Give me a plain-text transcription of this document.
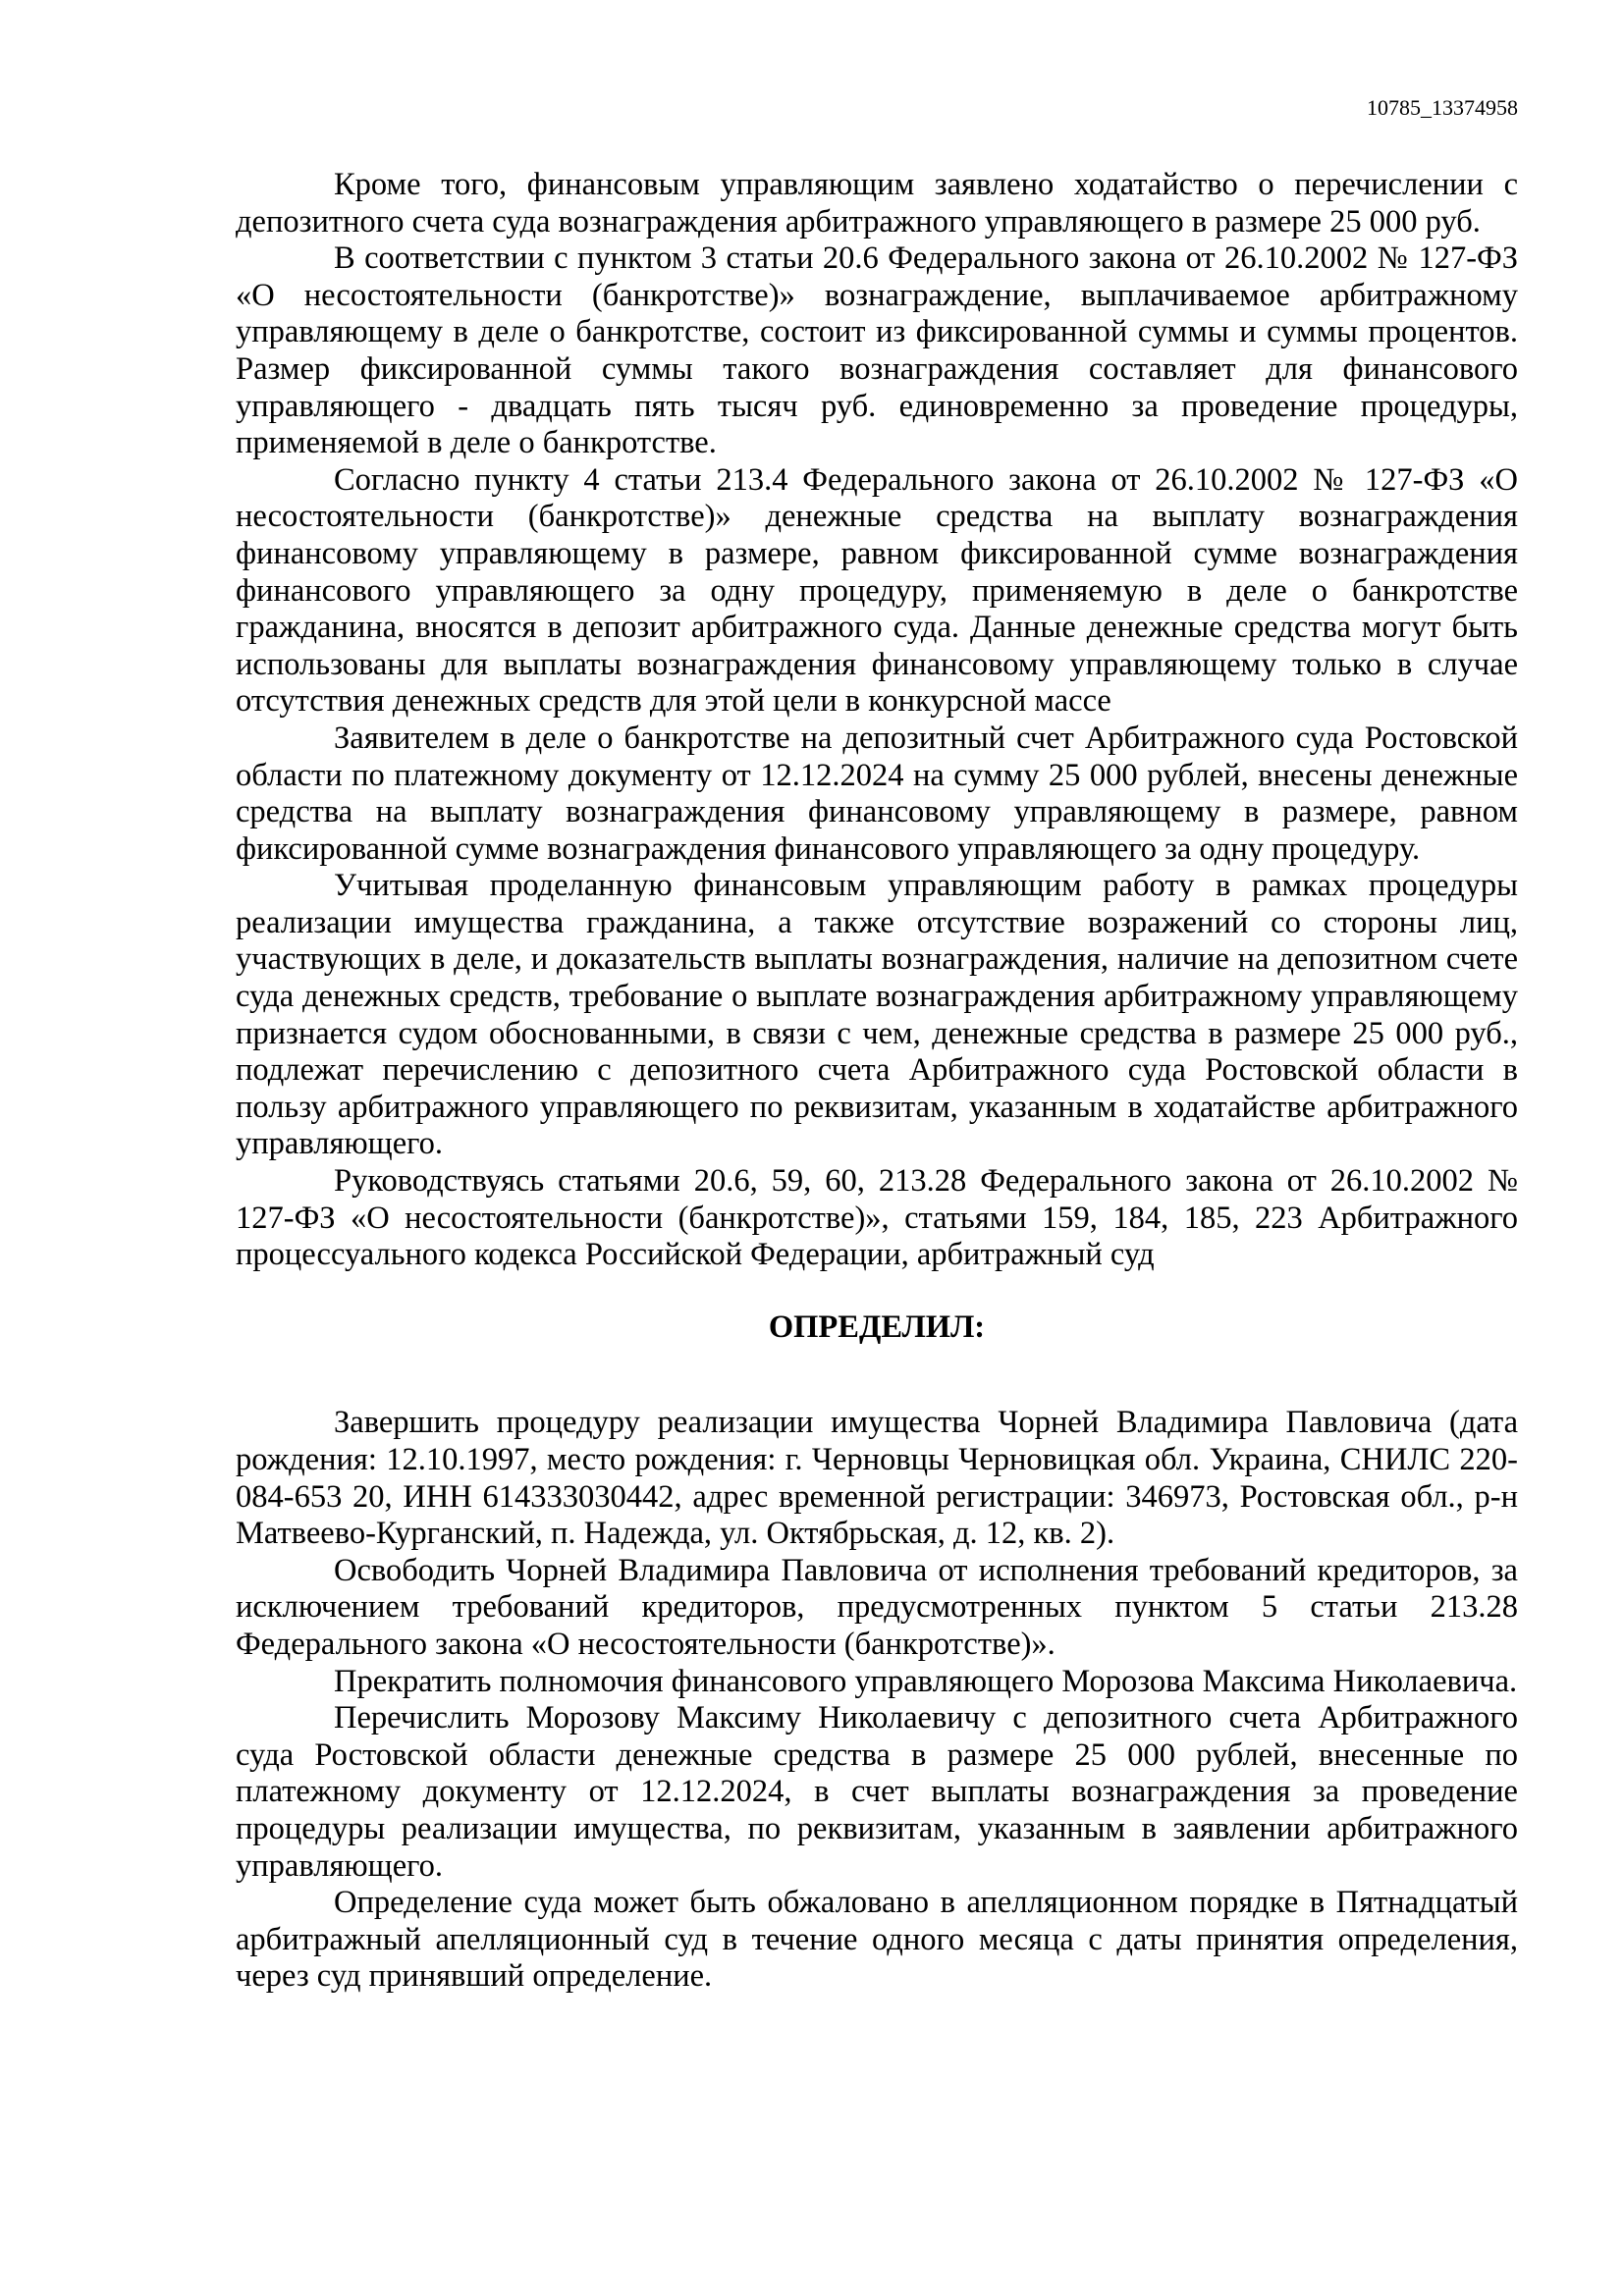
10785_13374958

Кроме того, финансовым управляющим заявлено ходатайство о перечислении с депозитного счета суда вознаграждения арбитражного управляющего в размере 25 000 руб.

В соответствии с пунктом 3 статьи 20.6 Федерального закона от 26.10.2002 № 127-ФЗ «О несостоятельности (банкротстве)» вознаграждение, выплачиваемое арбитражному управляющему в деле о банкротстве, состоит из фиксированной суммы и суммы процентов. Размер фиксированной суммы такого вознаграждения составляет для финансового управляющего - двадцать пять тысяч руб. единовременно за проведение процедуры, применяемой в деле о банкротстве.

Согласно пункту 4 статьи 213.4 Федерального закона от 26.10.2002 № 127-ФЗ «О несостоятельности (банкротстве)» денежные средства на выплату вознаграждения финансовому управляющему в размере, равном фиксированной сумме вознаграждения финансового управляющего за одну процедуру, применяемую в деле о банкротстве гражданина, вносятся в депозит арбитражного суда. Данные денежные средства могут быть использованы для выплаты вознаграждения финансовому управляющему только в случае отсутствия денежных средств для этой цели в конкурсной массе

Заявителем в деле о банкротстве на депозитный счет Арбитражного суда Ростовской области по платежному документу от 12.12.2024 на сумму 25 000 рублей, внесены денежные средства на выплату вознаграждения финансовому управляющему в размере, равном фиксированной сумме вознаграждения финансового управляющего за одну процедуру.

Учитывая проделанную финансовым управляющим работу в рамках процедуры реализации имущества гражданина, а также отсутствие возражений со стороны лиц, участвующих в деле, и доказательств выплаты вознаграждения, наличие на депозитном счете суда денежных средств, требование о выплате вознаграждения арбитражному управляющему признается судом обоснованными, в связи с чем, денежные средства в размере 25 000 руб., подлежат перечислению с депозитного счета Арбитражного суда Ростовской области в пользу арбитражного управляющего по реквизитам, указанным в ходатайстве арбитражного управляющего.

Руководствуясь статьями 20.6, 59, 60, 213.28 Федерального закона от 26.10.2002 № 127-ФЗ «О несостоятельности (банкротстве)», статьями 159, 184, 185, 223 Арбитражного процессуального кодекса Российской Федерации, арбитражный суд

ОПРЕДЕЛИЛ:

Завершить процедуру реализации имущества Чорней Владимира Павловича (дата рождения: 12.10.1997, место рождения: г. Черновцы Черновицкая обл. Украина, СНИЛС 220-084-653 20, ИНН 614333030442, адрес временной регистрации: 346973, Ростовская обл., р-н Матвеево-Курганский, п. Надежда, ул. Октябрьская, д. 12, кв. 2).

Освободить Чорней Владимира Павловича от исполнения требований кредиторов, за исключением требований кредиторов, предусмотренных пунктом 5 статьи 213.28 Федерального закона «О несостоятельности (банкротстве)».

Прекратить полномочия финансового управляющего Морозова Максима Николаевича.

Перечислить Морозову Максиму Николаевичу с депозитного счета Арбитражного суда Ростовской области денежные средства в размере 25 000 рублей, внесенные по платежному документу от 12.12.2024, в счет выплаты вознаграждения за проведение процедуры реализации имущества, по реквизитам, указанным в заявлении арбитражного управляющего.

Определение суда может быть обжаловано в апелляционном порядке в Пятнадцатый арбитражный апелляционный суд в течение одного месяца с даты принятия определения, через суд принявший определение.
